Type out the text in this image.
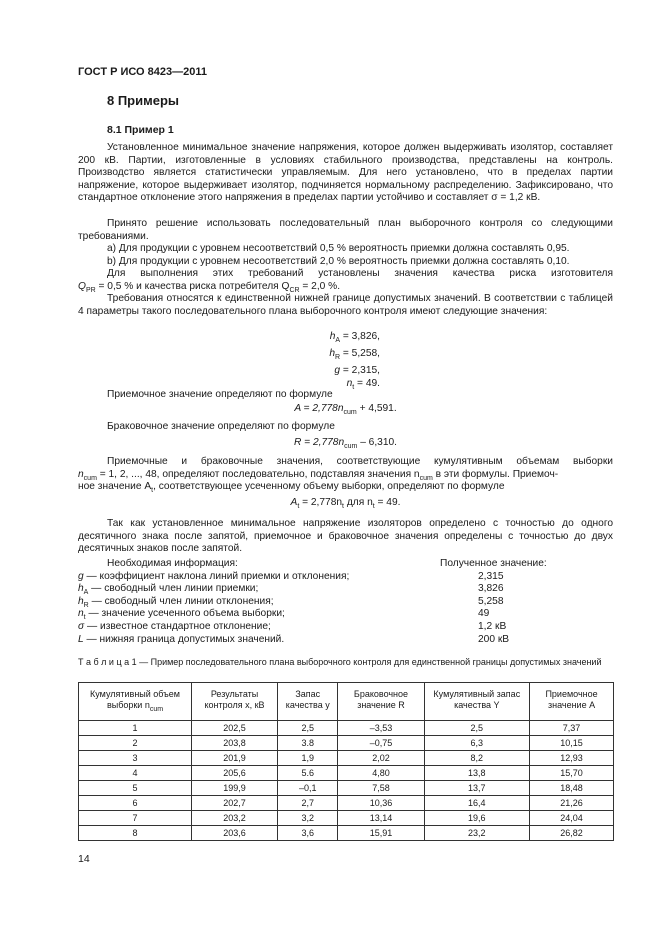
ГОСТ Р ИСО 8423—2011
8 Примеры
8.1 Пример 1

Установленное минимальное значение напряжения, которое должен выдерживать изолятор, составляет 200 кВ. Партии, изготовленные в условиях стабильного производства, представлены на контроль. Производство является статистически управляемым. Для него установлено, что в пределах партии напряжение, которое выдерживает изолятор, подчиняется нормальному распределению. Зафиксировано, что стандартное отклонение этого напряжения в пределах партии устойчиво и составляет σ = 1,2 кВ.

Принято решение использовать последовательный план выборочного контроля со следующими требованиями.

a) Для продукции с уровнем несоответствий 0,5 % вероятность приемки должна составлять 0,95.
b) Для продукции с уровнем несоответствий 2,0 % вероятность приемки должна составлять 0,10.

Для выполнения этих требований установлены значения качества риска изготовителя

$Q_{PR} = 0,5$ % и качества риска потребителя $Q_{CR} = 2,0$ %.

Требования относятся к единственной нижней границе допустимых значений. В соответствии с таблицей 4 параметры такого последовательного плана выборочного контроля имеют следующие значения:

$h_A = 3,826$,
$h_R = 5,258$,
g = 2,315,
$n_t = 49$.
Приемочное значение определяют по формуле
$A = 2,778n_{cum} + 4,591$.
Браковочное значение определяют по формуле
$R = 2,778n_{cum} - 6,310$.

Приемочные и браковочные значения, соответствующие кумулятивным объемам выборки

$n_{cum} = 1$, 2, ..., 48, определяют последовательно, подставляя значения $n_{cum}$ в эти формулы. Приемоч-
ное значение $A_t$, соответствующее усеченному объему выборки, определяют по формуле
$A_t = 2,778n_t$ для $n_t = 49$.

Так как установленное минимальное напряжение изоляторов определено с точностью до одного десятичного знака после запятой, приемочное и браковочное значения определены с точностью до двух десятичных знаков после запятой.

Необходимая информация:	Полученное значение:
g — коэффициент наклона линий приемки и отклонения;	2,315
$h_A$ — свободный член линии приемки;	3,826
$h_R$ — свободный член линии отклонения;	5,258
$n_t$ — значение усеченного объема выборки;	49
σ — известное стандартное отклонение;	1,2 кВ
L — нижняя граница допустимых значений.	200 кВ
Т а б л и ц а 1 — Пример последовательного плана выборочного контроля для единственной границы допустимых значений
Кумулятивный объем выборки $n_{cum}$	Результаты контроля x, кВ	Запас качества y	Браковочное значение R	Кумулятивный запас качества Y	Приемочное значение A
1	202,5	2,5	–3,53	2,5	7,37
2	203,8	3.8	–0,75	6,3	10,15
3	201,9	1,9	2,02	8,2	12,93
4	205,6	5.6	4,80	13,8	15,70
5	199,9	–0,1	7,58	13,7	18,48
6	202,7	2,7	10,36	16,4	21,26
7	203,2	3,2	13,14	19,6	24,04
8	203,6	3,6	15,91	23,2	26,82
14
